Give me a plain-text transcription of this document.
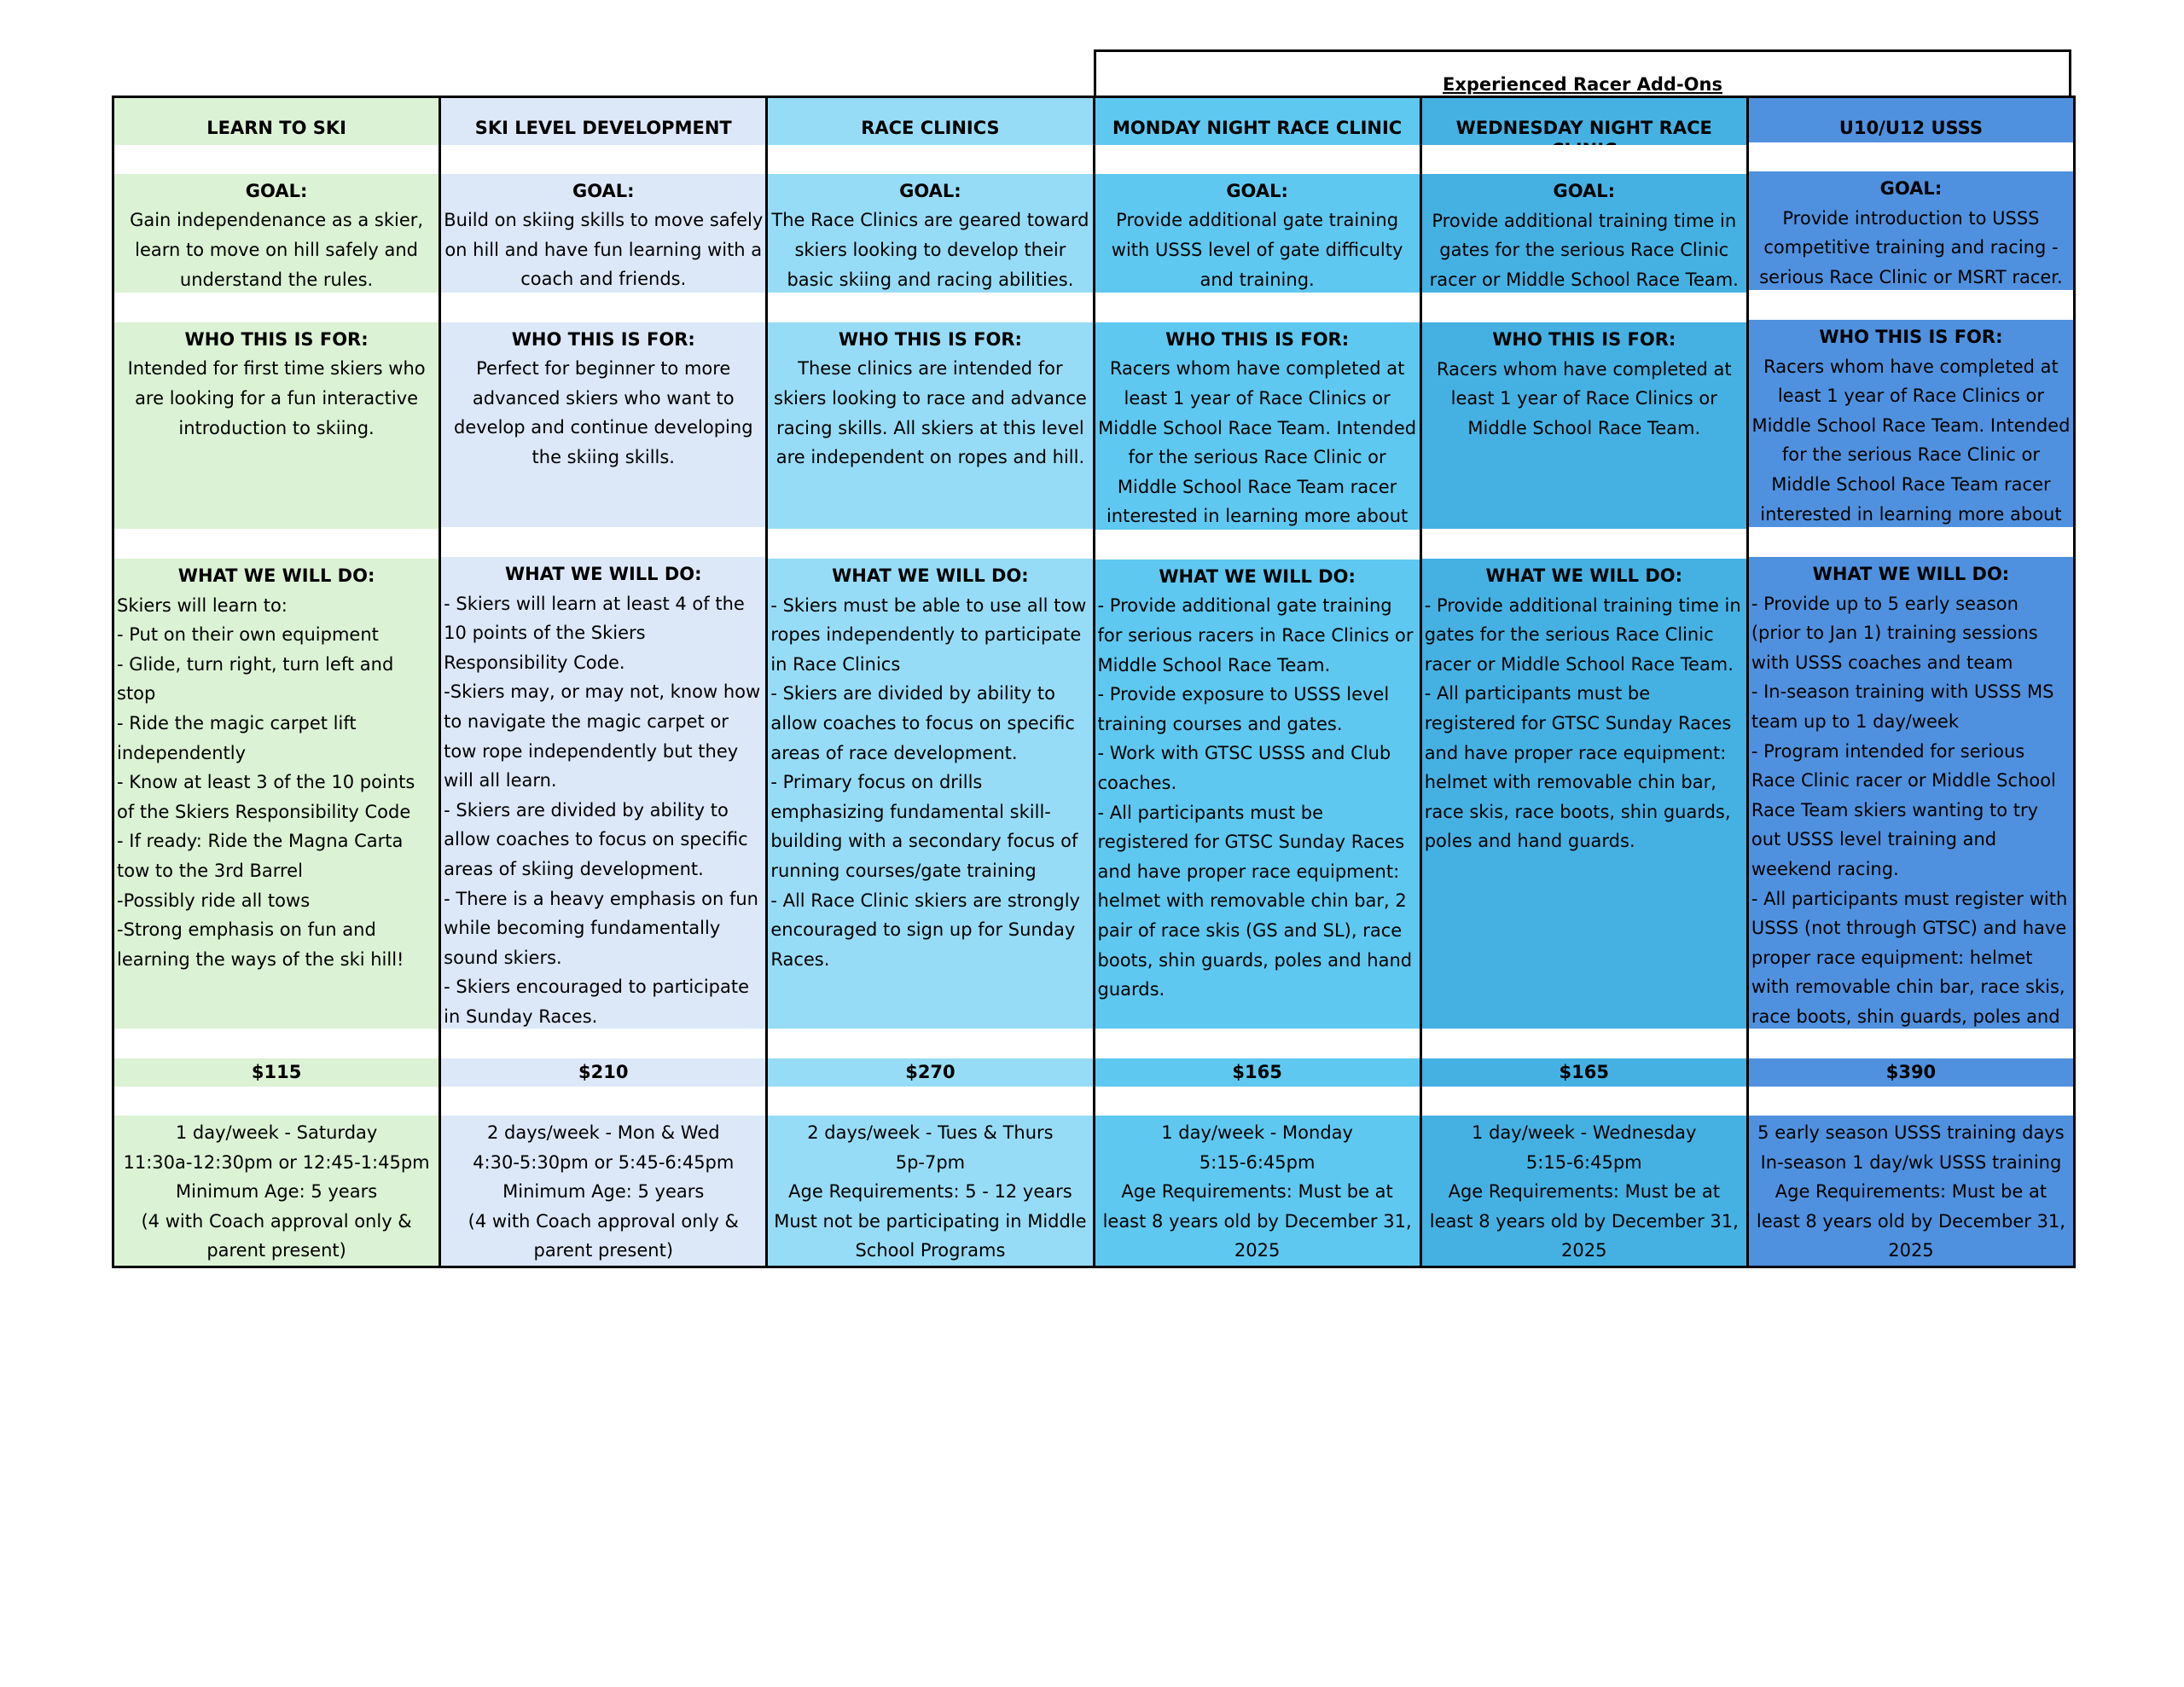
Experienced Racer Add-Ons
LEARN TO SKI
GOAL:
Gain independenance as a skier, learn to move on hill safely and understand the rules.
WHO THIS IS FOR:
Intended for first time skiers who are looking for a fun interactive introduction to skiing.
WHAT WE WILL DO:
Skiers will learn to:
- Put on their own equipment
- Glide, turn right, turn left and stop
- Ride the magic carpet lift independently
- Know at least 3 of the 10 points of the Skiers Responsibility Code
- If ready: Ride the Magna Carta tow to the 3rd Barrel
-Possibly ride all tows
-Strong emphasis on fun and learning the ways of the ski hill!
$115
1 day/week - Saturday
11:30a-12:30pm or 12:45-1:45pm
Minimum Age: 5 years
(4 with Coach approval only & parent present)
SKI LEVEL DEVELOPMENT
GOAL:
Build on skiing skills to move safely on hill and have fun learning with a coach and friends.
WHO THIS IS FOR:
Perfect for beginner to more advanced skiers who want to develop and continue developing the skiing skills.
WHAT WE WILL DO:
- Skiers will learn at least 4 of the 10 points of the Skiers Responsibility Code.
-Skiers may, or may not, know how to navigate the magic carpet or tow rope independently but they will all learn.
- Skiers are divided by ability to allow coaches to focus on specific areas of skiing development.
- There is a heavy emphasis on fun while becoming fundamentally sound skiers.
- Skiers encouraged to participate in Sunday Races.
$210
2 days/week - Mon & Wed
4:30-5:30pm or 5:45-6:45pm
Minimum Age: 5 years
(4 with Coach approval only & parent present)
RACE CLINICS
GOAL:
The Race Clinics are geared toward skiers looking to develop their basic skiing and racing abilities.
WHO THIS IS FOR:
These clinics are intended for skiers looking to race and advance racing skills. All skiers at this level are independent on ropes and hill.
WHAT WE WILL DO:
- Skiers must be able to use all tow ropes independently to participate in Race Clinics
- Skiers are divided by ability to allow coaches to focus on specific areas of race development.
- Primary focus on drills emphasizing fundamental skill-building with a secondary focus of running courses/gate training
- All Race Clinic skiers are strongly encouraged to sign up for Sunday Races.
$270
2 days/week - Tues & Thurs
5p-7pm
Age Requirements: 5 - 12 years
Must not be participating in Middle School Programs
MONDAY NIGHT RACE CLINIC
GOAL:
Provide additional gate training with USSS level of gate difficulty and training.
WHO THIS IS FOR:
Racers whom have completed at least 1 year of Race Clinics or Middle School Race Team. Intended for the serious Race Clinic or Middle School Race Team racer interested in learning more about
WHAT WE WILL DO:
- Provide additional gate training for serious racers in Race Clinics or Middle School Race Team.
- Provide exposure to USSS level training courses and gates.
- Work with GTSC USSS and Club coaches.
- All participants must be registered for GTSC Sunday Races and have proper race equipment: helmet with removable chin bar, 2 pair of race skis (GS and SL), race boots, shin guards, poles and hand guards.
$165
1 day/week - Monday
5:15-6:45pm
Age Requirements: Must be at least 8 years old by December 31, 2025
WEDNESDAY NIGHT RACE
GOAL:
Provide additional training time in gates for the serious Race Clinic racer or Middle School Race Team.
WHO THIS IS FOR:
Racers whom have completed at least 1 year of Race Clinics or Middle School Race Team.
WHAT WE WILL DO:
- Provide additional training time in gates for the serious Race Clinic racer or Middle School Race Team.
- All participants must be registered for GTSC Sunday Races and have proper race equipment: helmet with removable chin bar, race skis, race boots, shin guards, poles and hand guards.
$165
1 day/week - Wednesday
5:15-6:45pm
Age Requirements: Must be at least 8 years old by December 31, 2025
U10/U12 USSS
GOAL:
Provide introduction to USSS competitive training and racing - serious Race Clinic or MSRT racer.
WHO THIS IS FOR:
Racers whom have completed at least 1 year of Race Clinics or Middle School Race Team. Intended for the serious Race Clinic or Middle School Race Team racer interested in learning more about
WHAT WE WILL DO:
- Provide up to 5 early season (prior to Jan 1) training sessions with USSS coaches and team
- In-season training with USSS MS team up to 1 day/week
- Program intended for serious Race Clinic racer or Middle School Race Team skiers wanting to try out USSS level training and weekend racing.
- All participants must register with USSS (not through GTSC) and have proper race equipment: helmet with removable chin bar, race skis, race boots, shin guards, poles and
$390
5 early season USSS training days
In-season 1 day/wk USSS training
Age Requirements: Must be at least 8 years old by December 31, 2025
